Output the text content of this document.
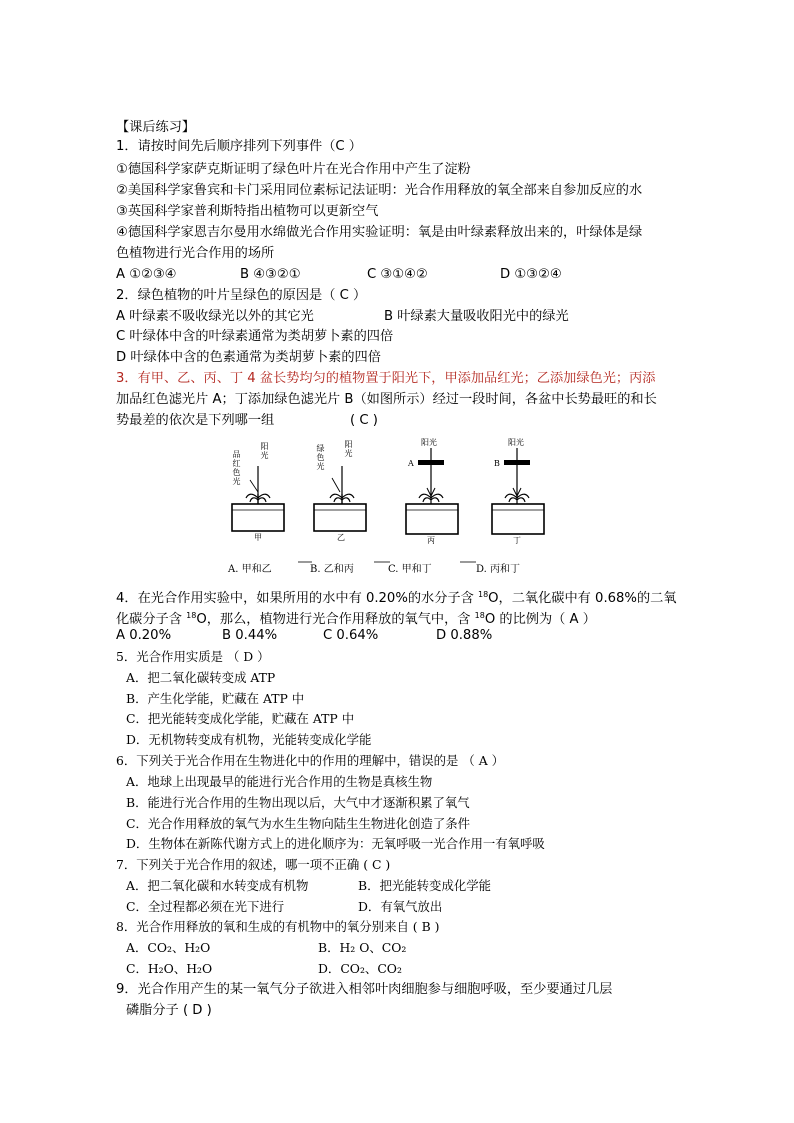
【课后练习】
1．请按时间先后顺序排列下列事件（C ）
①德国科学家萨克斯证明了绿色叶片在光合作用中产生了淀粉
②美国科学家鲁宾和卡门采用同位素标记法证明：光合作用释放的氧全部来自参加反应的水
③英国科学家普利斯特指出植物可以更新空气
④德国科学家恩吉尔曼用水绵做光合作用实验证明：氧是由叶绿素释放出来的，叶绿体是绿
色植物进行光合作用的场所
A ①②③④	B ④③②①	C ③①④②	D ①③②④
2．绿色植物的叶片呈绿色的原因是（ C ）
A 叶绿素不吸收绿光以外的其它光	B 叶绿素大量吸收阳光中的绿光
C 叶绿体中含的叶绿素通常为类胡萝卜素的四倍
D 叶绿体中含的色素通常为类胡萝卜素的四倍
3．有甲、乙、丙、丁 4 盆长势均匀的植物置于阳光下，甲添加品红光；乙添加绿色光；丙添
加品红色滤光片 A；丁添加绿色滤光片 B（如图所示）经过一段时间，各盆中长势最旺的和长
势最差的依次是下列哪一组	( C )
品红色光
阳光
绿色光
阳光
阳光	阳光
A	B
甲	乙	丙	丁
A. 甲和乙	B. 乙和丙	C. 甲和丁	D. 丙和丁
4．在光合作用实验中，如果所用的水中有 0.20%的水分子含 $^{18}$O，二氧化碳中有 0.68%的二氧
化碳分子含 $^{18}$O，那么，植物进行光合作用释放的氧气中，含 $^{18}$O 的比例为（ A ）
A 0.20%	B 0.44%	C 0.64%	D 0.88%
5．光合作用实质是 （ D ）
A．把二氧化碳转变成 ATP
B．产生化学能，贮藏在 ATP 中
C．把光能转变成化学能，贮藏在 ATP 中
D．无机物转变成有机物，光能转变成化学能
6．下列关于光合作用在生物进化中的作用的理解中，错误的是 （ A ）
A．地球上出现最早的能进行光合作用的生物是真核生物
B．能进行光合作用的生物出现以后，大气中才逐渐积累了氧气
C．光合作用释放的氧气为水生生物向陆生生物进化创造了条件
D．生物体在新陈代谢方式上的进化顺序为：无氧呼吸一光合作用一有氧呼吸
7．下列关于光合作用的叙述，哪一项不正确 ( C )
A．把二氧化碳和水转变成有机物	B．把光能转变成化学能
C．全过程都必须在光下进行	D．有氧气放出
8．光合作用释放的氧和生成的有机物中的氧分别来自 ( B )
A．CO₂、H₂O	B．H₂ O、CO₂
C．H₂O、H₂O	D．CO₂、CO₂
9．光合作用产生的某一氧气分子欲进入相邻叶肉细胞参与细胞呼吸，至少要通过几层
磷脂分子 ( D )
